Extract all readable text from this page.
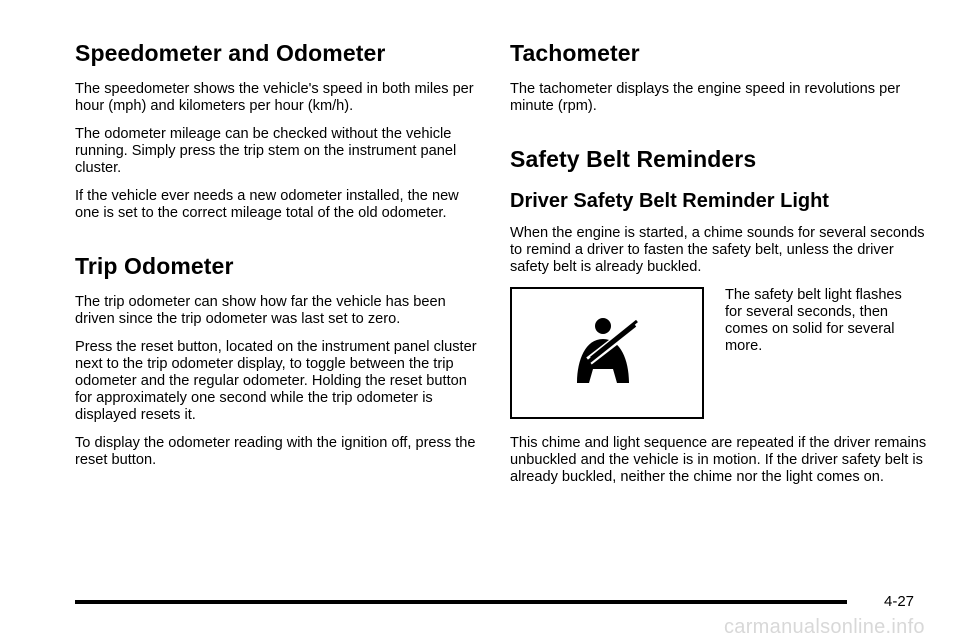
Speedometer and Odometer

The speedometer shows the vehicle's speed in both miles per hour (mph) and kilometers per hour (km/h).

The odometer mileage can be checked without the vehicle running. Simply press the trip stem on the instrument panel cluster.

If the vehicle ever needs a new odometer installed, the new one is set to the correct mileage total of the old odometer.

Trip Odometer

The trip odometer can show how far the vehicle has been driven since the trip odometer was last set to zero.

Press the reset button, located on the instrument panel cluster next to the trip odometer display, to toggle between the trip odometer and the regular odometer. Holding the reset button for approximately one second while the trip odometer is displayed resets it.

To display the odometer reading with the ignition off, press the reset button.

Tachometer

The tachometer displays the engine speed in revolutions per minute (rpm).

Safety Belt Reminders
Driver Safety Belt Reminder Light

When the engine is started, a chime sounds for several seconds to remind a driver to fasten the safety belt, unless the driver safety belt is already buckled.

The safety belt light flashes for several seconds, then comes on solid for several more.

This chime and light sequence are repeated if the driver remains unbuckled and the vehicle is in motion. If the driver safety belt is already buckled, neither the chime nor the light comes on.

4-27
carmanualsonline.info
